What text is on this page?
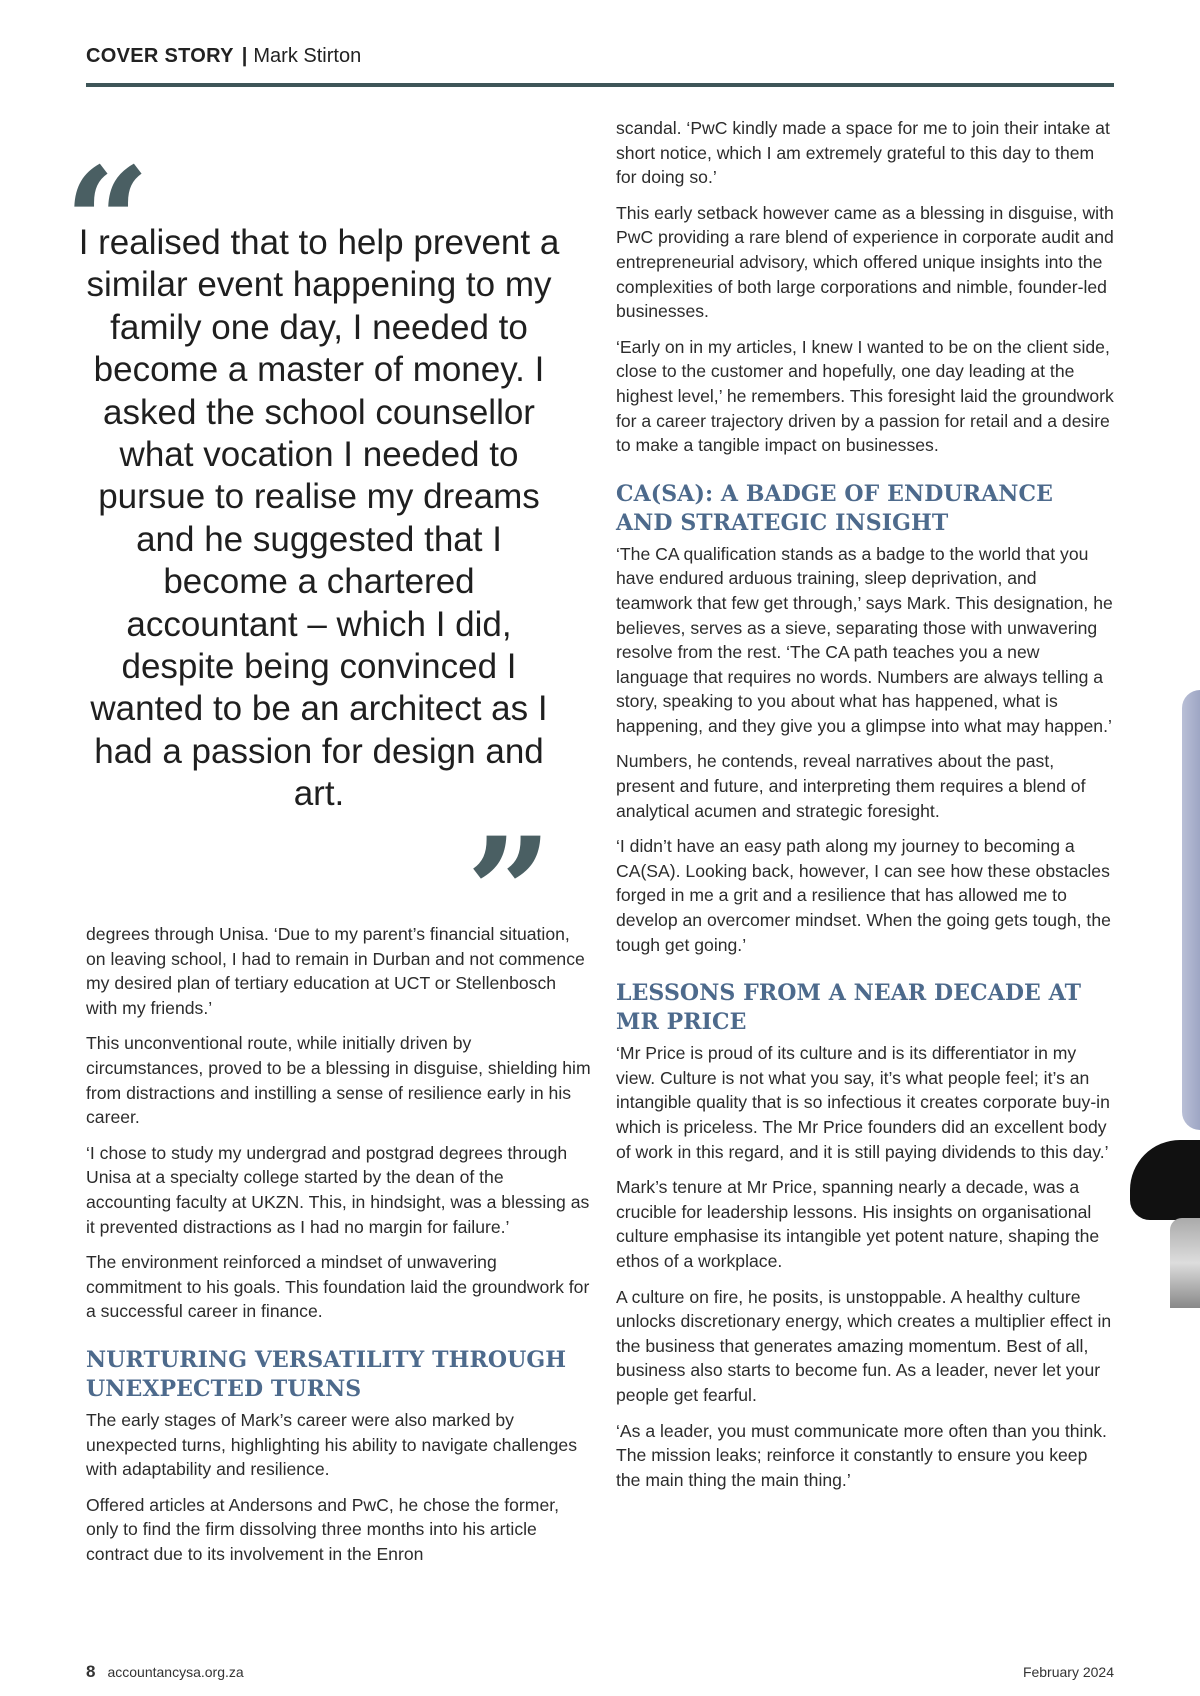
COVER STORY | Mark Stirton
“
I realised that to help prevent a similar event happening to my family one day, I needed to become a master of money. I asked the school counsellor what vocation I needed to pursue to realise my dreams and he suggested that I become a chartered accountant – which I did, despite being convinced I wanted to be an architect as I had a passion for design and art.
”

degrees through Unisa. ‘Due to my parent’s financial situation, on leaving school, I had to remain in Durban and not commence my desired plan of tertiary education at UCT or Stellenbosch with my friends.’

This unconventional route, while initially driven by circumstances, proved to be a blessing in disguise, shielding him from distractions and instilling a sense of resilience early in his career.

‘I chose to study my undergrad and postgrad degrees through Unisa at a specialty college started by the dean of the accounting faculty at UKZN. This, in hindsight, was a blessing as it prevented distractions as I had no margin for failure.’

The environment reinforced a mindset of unwavering commitment to his goals. This foundation laid the groundwork for a successful career in finance.

NURTURING VERSATILITY THROUGH UNEXPECTED TURNS

The early stages of Mark’s career were also marked by unexpected turns, highlighting his ability to navigate challenges with adaptability and resilience.

Offered articles at Andersons and PwC, he chose the former, only to find the firm dissolving three months into his article contract due to its involvement in the Enron

scandal. ‘PwC kindly made a space for me to join their intake at short notice, which I am extremely grateful to this day to them for doing so.’

This early setback however came as a blessing in disguise, with PwC providing a rare blend of experience in corporate audit and entrepreneurial advisory, which offered unique insights into the complexities of both large corporations and nimble, founder-led businesses.

‘Early on in my articles, I knew I wanted to be on the client side, close to the customer and hopefully, one day leading at the highest level,’ he remembers. This foresight laid the groundwork for a career trajectory driven by a passion for retail and a desire to make a tangible impact on businesses.

CA(SA): A BADGE OF ENDURANCE AND STRATEGIC INSIGHT

‘The CA qualification stands as a badge to the world that you have endured arduous training, sleep deprivation, and teamwork that few get through,’ says Mark. This designation, he believes, serves as a sieve, separating those with unwavering resolve from the rest. ‘The CA path teaches you a new language that requires no words. Numbers are always telling a story, speaking to you about what has happened, what is happening, and they give you a glimpse into what may happen.’

Numbers, he contends, reveal narratives about the past, present and future, and interpreting them requires a blend of analytical acumen and strategic foresight.

‘I didn’t have an easy path along my journey to becoming a CA(SA). Looking back, however, I can see how these obstacles forged in me a grit and a resilience that has allowed me to develop an overcomer mindset. When the going gets tough, the tough get going.’

LESSONS FROM A NEAR DECADE AT MR PRICE

‘Mr Price is proud of its culture and is its differentiator in my view. Culture is not what you say, it’s what people feel; it’s an intangible quality that is so infectious it creates corporate buy-in which is priceless. The Mr Price founders did an excellent body of work in this regard, and it is still paying dividends to this day.’

Mark’s tenure at Mr Price, spanning nearly a decade, was a crucible for leadership lessons. His insights on organisational culture emphasise its intangible yet potent nature, shaping the ethos of a workplace.

A culture on fire, he posits, is unstoppable. A healthy culture unlocks discretionary energy, which creates a multiplier effect in the business that generates amazing momentum. Best of all, business also starts to become fun. As a leader, never let your people get fearful.

‘As a leader, you must communicate more often than you think. The mission leaks; reinforce it constantly to ensure you keep the main thing the main thing.’

8 accountancysa.org.za	February 2024
